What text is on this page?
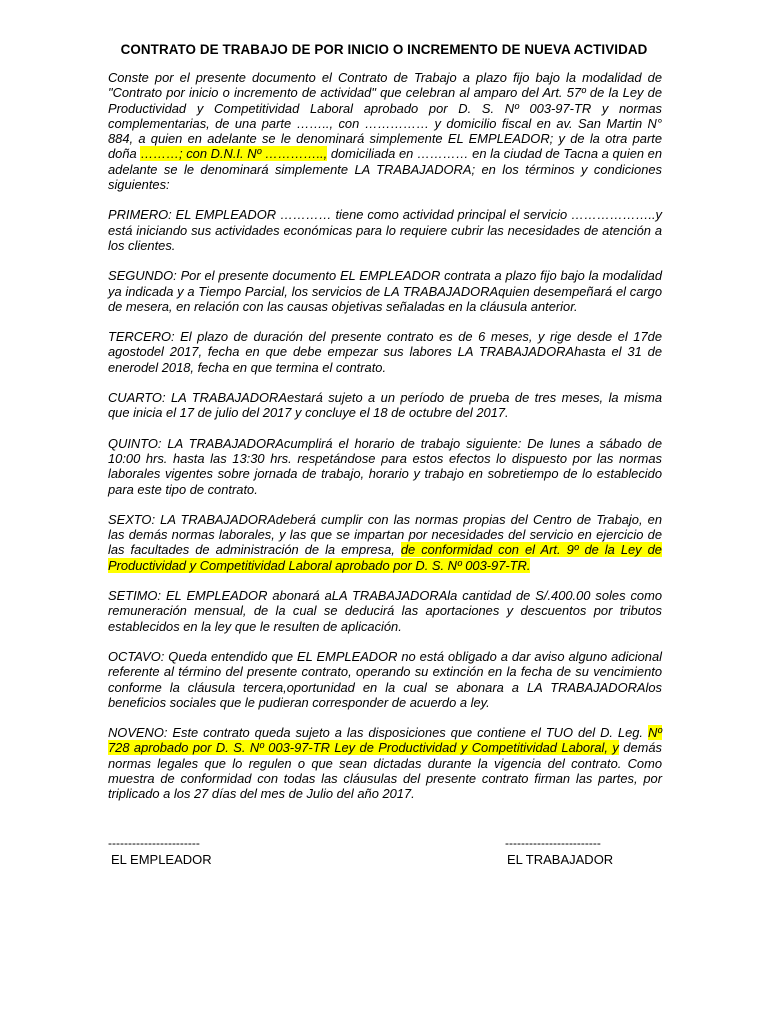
CONTRATO DE TRABAJO DE POR INICIO O INCREMENTO DE NUEVA ACTIVIDAD

Conste por el presente documento el Contrato de Trabajo a plazo fijo bajo la modalidad de "Contrato por inicio o incremento de actividad" que celebran al amparo del Art. 57º de la Ley de Productividad y Competitividad Laboral aprobado por D. S. Nº 003-97-TR y normas complementarias, de una parte …….., con …………… y domicilio fiscal en av. San Martin N° 884, a quien en adelante se le denominará simplemente EL EMPLEADOR; y de la otra parte doña ………; con D.N.I. Nº ………….., domiciliada en ………… en la ciudad de Tacna a quien en adelante se le denominará simplemente LA TRABAJADORA; en los términos y condiciones siguientes:

PRIMERO: EL EMPLEADOR ………… tiene como actividad principal el servicio ………………..y está iniciando sus actividades económicas para lo requiere cubrir las necesidades de atención a los clientes.

SEGUNDO: Por el presente documento EL EMPLEADOR contrata a plazo fijo bajo la modalidad ya indicada y a Tiempo Parcial, los servicios de LA TRABAJADORAquien desempeñará el cargo de mesera, en relación con las causas objetivas señaladas en la cláusula anterior.

TERCERO: El plazo de duración del presente contrato es de 6 meses, y rige desde el 17de agostodel 2017, fecha en que debe empezar sus labores LA TRABAJADORAhasta el 31 de enerodel 2018, fecha en que termina el contrato.

CUARTO: LA TRABAJADORAestará sujeto a un período de prueba de tres meses, la misma que inicia el 17 de julio del 2017 y concluye el 18 de octubre del 2017.

QUINTO: LA TRABAJADORAcumplirá el horario de trabajo siguiente: De lunes a sábado de 10:00 hrs. hasta las 13:30 hrs. respetándose para estos efectos lo dispuesto por las normas laborales vigentes sobre jornada de trabajo, horario y trabajo en sobretiempo de lo establecido para este tipo de contrato.

SEXTO: LA TRABAJADORAdeberá cumplir con las normas propias del Centro de Trabajo, en las demás normas laborales, y las que se impartan por necesidades del servicio en ejercicio de las facultades de administración de la empresa, de conformidad con el Art. 9º de la Ley de Productividad y Competitividad Laboral aprobado por D. S. Nº 003-97-TR.

SETIMO: EL EMPLEADOR abonará aLA TRABAJADORAla cantidad de S/.400.00 soles como remuneración mensual, de la cual se deducirá las aportaciones y descuentos por tributos establecidos en la ley que le resulten de aplicación.

OCTAVO: Queda entendido que EL EMPLEADOR no está obligado a dar aviso alguno adicional referente al término del presente contrato, operando su extinción en la fecha de su vencimiento conforme la cláusula tercera,oportunidad en la cual se abonara a LA TRABAJADORAlos beneficios sociales que le pudieran corresponder de acuerdo a ley.

NOVENO: Este contrato queda sujeto a las disposiciones que contiene el TUO del D. Leg. Nº 728 aprobado por D. S. Nº 003-97-TR Ley de Productividad y Competitividad Laboral, y demás normas legales que lo regulen o que sean dictadas durante la vigencia del contrato. Como muestra de conformidad con todas las cláusulas del presente contrato firman las partes, por triplicado a los 27 días del mes de Julio del año 2017.

-----------------------
EL EMPLEADOR
------------------------
EL TRABAJADOR
